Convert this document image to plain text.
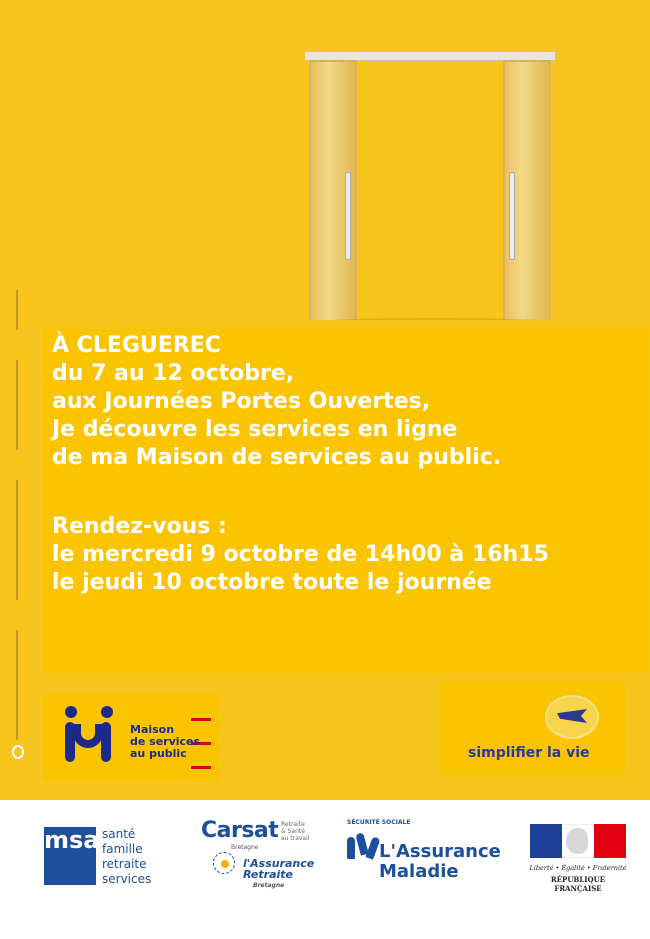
À CLEGUEREC

du 7 au 12 octobre,

aux Journées Portes Ouvertes,

Je découvre les services en ligne

de ma Maison de services au public.

Rendez-vous :

le mercredi 9 octobre de 14h00 à 16h15

le jeudi 10 octobre toute le journée

Maison
de services
au public	simplifier la vie
msa santé
famille
retraite
services
Carsat Retraite
& Santé
au travail
Bretagne
l'Assurance
Retraite
Bretagne
SÉCURITÉ SOCIALE
L'Assurance
Maladie	Liberté • Égalité • Fraternité
RÉPUBLIQUE FRANÇAISE
